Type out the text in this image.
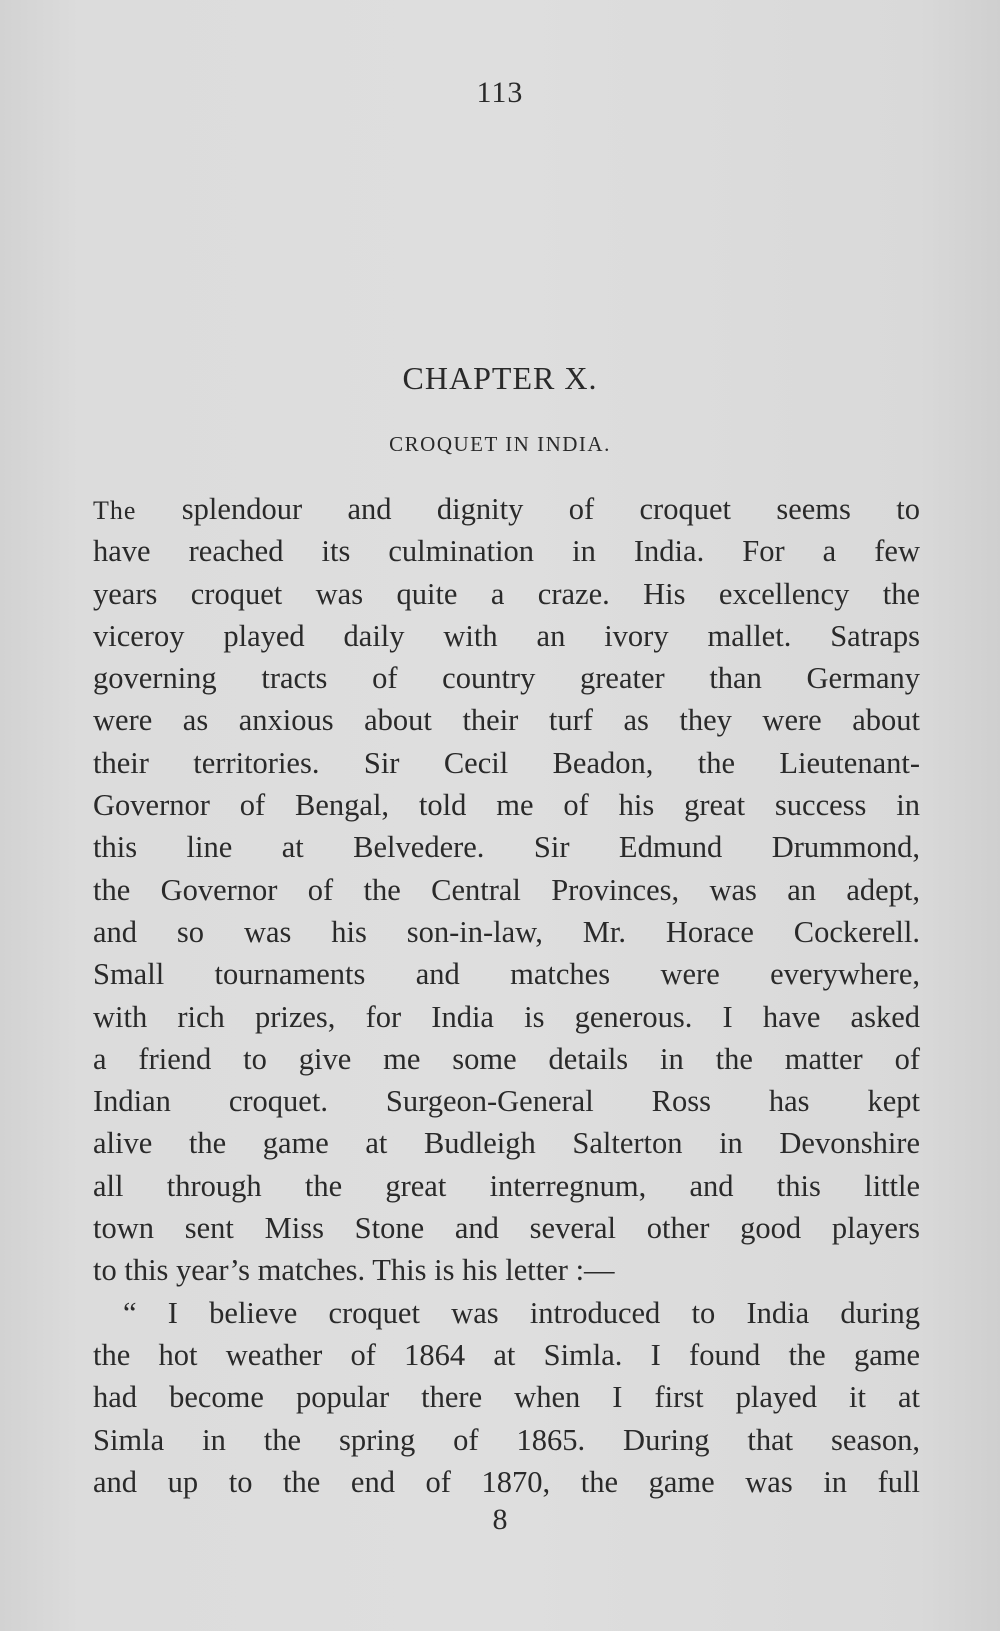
113
CHAPTER X.
CROQUET IN INDIA.
The splendour and dignity of croquet seems to
have reached its culmination in India. For a few
years croquet was quite a craze. His excellency the
viceroy played daily with an ivory mallet. Satraps
governing tracts of country greater than Germany
were as anxious about their turf as they were about
their territories. Sir Cecil Beadon, the Lieutenant-
Governor of Bengal, told me of his great success in
this line at Belvedere. Sir Edmund Drummond,
the Governor of the Central Provinces, was an adept,
and so was his son-in-law, Mr. Horace Cockerell.
Small tournaments and matches were everywhere,
with rich prizes, for India is generous. I have asked
a friend to give me some details in the matter of
Indian croquet. Surgeon-General Ross has kept
alive the game at Budleigh Salterton in Devonshire
all through the great interregnum, and this little
town sent Miss Stone and several other good players
to this year’s matches. This is his letter :—
“ I believe croquet was introduced to India during
the hot weather of 1864 at Simla. I found the game
had become popular there when I first played it at
Simla in the spring of 1865. During that season,
and up to the end of 1870, the game was in full
8
